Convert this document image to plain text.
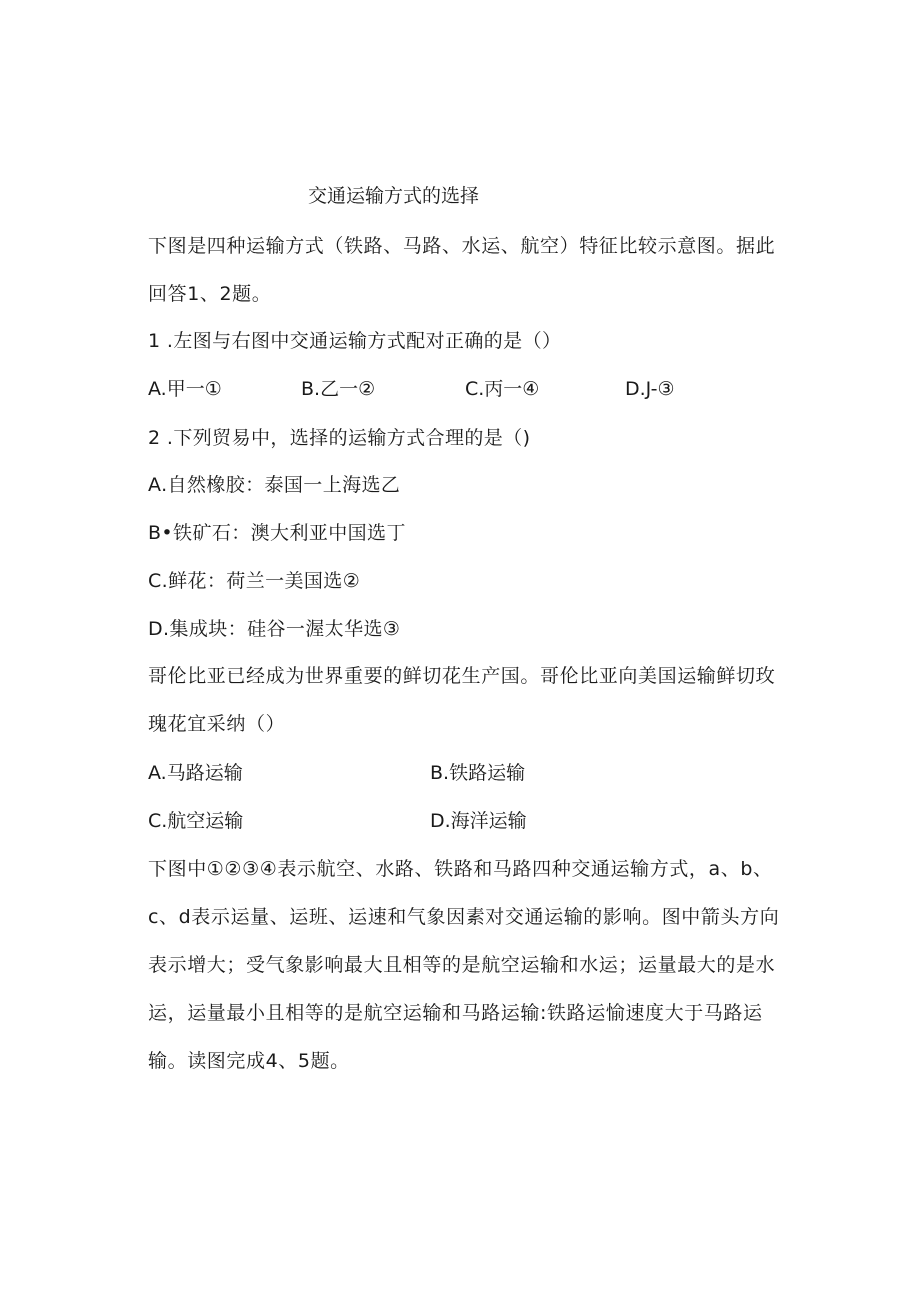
交通运输方式的选择
下图是四种运输方式（铁路、马路、水运、航空）特征比较示意图。据此回答1、2题。
1 .左图与右图中交通运输方式配对正确的是（）
A.甲一①	B.乙一②	C.丙一④	D.J-③
2 .下列贸易中，选择的运输方式合理的是（)
A.自然橡胶：泰国一上海选乙
B•铁矿石：澳大利亚中国选丁
C.鲜花：荷兰一美国选②
D.集成块：硅谷一渥太华选③
哥伦比亚已经成为世界重要的鲜切花生产国。哥伦比亚向美国运输鲜切玫瑰花宜采纳（）
A.马路运输	B.铁路运输
C.航空运输	D.海洋运输
下图中①②③④表示航空、水路、铁路和马路四种交通运输方式，a、b、c、d表示运量、运班、运速和气象因素对交通运输的影响。图中箭头方向表示增大；受气象影响最大且相等的是航空运输和水运；运量最大的是水运，运量最小且相等的是航空运输和马路运输:铁路运愉速度大于马路运输。读图完成4、5题。
